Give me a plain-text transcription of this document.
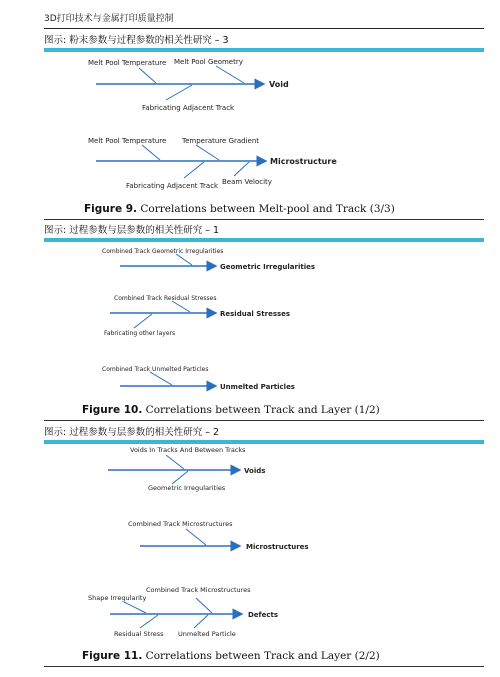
3D打印技术与金属打印质量控制
图示: 粉末参数与过程参数的相关性研究 – 3
Melt Pool Temperature Melt Pool Geometry
Fabricating Adjacent Track
Void
Melt Pool Temperature Temperature Gradient
Fabricating Adjacent Track Beam Velocity
Microstructure
Figure 9. Correlations between Melt-pool and Track (3/3)
图示: 过程参数与层参数的相关性研究 – 1
Combined Track Geometric Irregularities
Geometric Irregularities
Combined Track Residual Stresses
Fabricating other layers
Residual Stresses
Combined Track Unmelted Particles
Unmelted Particles
Figure 10. Correlations between Track and Layer (1/2)
图示: 过程参数与层参数的相关性研究 – 2
Voids In Tracks And Between Tracks
Geometric Irregularities
Voids
Combined Track Microstructures
Microstructures
Combined Track Microstructures
Shape Irregularity
Residual Stress Unmelted Particle
Defects
Figure 11. Correlations between Track and Layer (2/2)
